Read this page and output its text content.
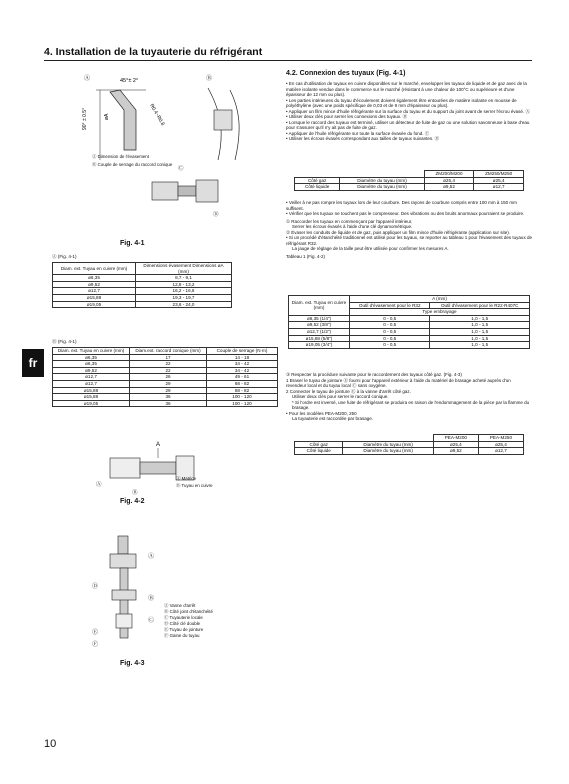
4. Installation de la tuyauterie du réfrigérant
fr
Ⓐ	Ⓑ
45°± 2°
90° ± 0.5°	øA	R0.4~R0.8
Ⓒ
Ⓓ
Ⓐ Dimension de l'évasement
Ⓑ Couple de serrage du raccord conique
Fig. 4-1
Ⓐ (Fig. 4-1)
Diam. ext. Tuyau en cuivre (mm)	Dimensions évasement Dimensions øA (mm)
ø6,35	8,7 - 9,1
ø9,52	12,8 - 13,2
ø12,7	16,2 - 16,6
ø15,88	19,3 - 19,7
ø19,05	23,6 - 24,0
Ⓑ (Fig. 4-1)
Diam. ext. Tuyau en cuivre (mm)	Diam.ext. raccord conique (mm)	Couple de serrage (N·m)
ø6,35	17	14 - 18
ø6,35	22	34 - 42
ø9,52	22	34 - 42
ø12,7	26	49 - 61
ø12,7	29	68 - 82
ø15,88	29	68 - 82
ø15,88	36	100 - 120
ø19,05	36	100 - 120
A
Ⓐ
Ⓑ
Ⓐ Matrice
Ⓑ Tuyau en cuivre
Fig. 4-2
Ⓐ
Ⓑ
Ⓒ
Ⓓ
Ⓔ
Ⓕ
Ⓐ Vanne d'arrêt
Ⓑ Côté joint d'étanchéité
Ⓒ Tuyauterie locale
Ⓓ Côté clé double
Ⓔ Tuyau de jointure
Ⓕ Gaine du tuyau
Fig. 4-3
4.2. Connexion des tuyaux (Fig. 4-1)

• En cas d'utilisation de tuyaux en cuivre disponibles sur le marché, envelopper les tuyaux de liquide et de gaz avec de la matière isolante vendue dans le commerce sur le marché (résistant à une chaleur de 100°C ou supérieure et d'une épaisseur de 12 mm ou plus).

• Les parties intérieures du tuyau d'écoulement doivent également être entourées de matière isolante en mousse de polyéthylène (avec une poids spécifique de 0,03 et de 9 mm d'épaisseur ou plus).

• Appliquer un film mince d'huile réfrigérante sur la surface du tuyau et du support du joint avant de serrer l'écrou évasé. Ⓐ

• Utiliser deux clés pour serrer les connexions des tuyaux. Ⓑ

• Lorsque le raccord des tuyaux est terminé, utiliser un détecteur de fuite de gaz ou une solution savonneuse à base d'eau pour s'assurer qu'il n'y ait pas de fuite de gaz.

• Appliquer de l'huile réfrigérante sur toute la surface évasée du fond. Ⓒ

• Utiliser les écrous évasés correspondant aux tailles de tuyaux suivantes. Ⓓ

		ZM200/M200	ZM250/M250
Côté gaz	Diamètre du tuyau (mm)	ø25,4	ø25,4
Côté liquide	Diamètre du tuyau (mm)	ø9,52	ø12,7

• Veiller à ne pas rompre les tuyaux lors de leur courbure. Des rayons de courbure compris entre 100 mm à 150 mm suffisent.

• Vérifier que les tuyaux ne touchent pas le compresseur. Des vibrations ou des bruits anormaux pourraient se produire.

① Raccorder les tuyaux en commençant par l'appareil intérieur.

Serrer les écrous évasés à l'aide d'une clé dynamométrique.

② Évaser les conduits de liquide et de gaz, puis appliquer un film mince d'huile réfrigérante (application sur site).

• Si un procédé d'étanchéité traditionnel est utilisé pour les tuyaux, se reporter au tableau 1 pour l'évasement des tuyaux de réfrigérant R32.

La jauge de réglage de la taille peut être utilisée pour confirmer les mesures A.

Tableau 1 (Fig. 4-2)

Diam. ext. Tuyau en cuivre (mm)	A (mm)	
	Outil d'évasement pour le R32	Outil d'évasement pour le R22·R407C
	Type embrayage	
ø6,35 (1/4")	0 - 0,5	1,0 - 1,5
ø9,52 (3/8")	0 - 0,5	1,0 - 1,5
ø12,7 (1/2")	0 - 0,5	1,0 - 1,5
ø15,88 (5/8")	0 - 0,5	1,0 - 1,5
ø19,05 (3/4")	0 - 0,5	1,0 - 1,5

③ Respecter la procédure suivante pour le raccordement des tuyaux côté gaz. (Fig. 4-3)

1 Braser le tuyau de jointure Ⓔ fourni pour l'appareil extérieur à l'aide du matériel de brasage acheté auprès d'un revendeur local et du tuyau local Ⓒ sans oxygène.

2 Connecter le tuyau de jointure Ⓔ à la vanne d'arrêt côté gaz.

Utiliser deux clés pour serrer le raccord conique.

* Si l'ordre est inversé, une fuite de réfrigérant se produira en raison de l'endommagement de la pièce par la flamme du brasage.

• Pour les modèles PEA-M200, 250

La tuyauterie est raccordée par brasage.

		PEA-M200	PEA-M250
Côté gaz	Diamètre du tuyau (mm)	ø25,4	ø25,4
Côté liquide	Diamètre du tuyau (mm)	ø9,52	ø12,7
10
